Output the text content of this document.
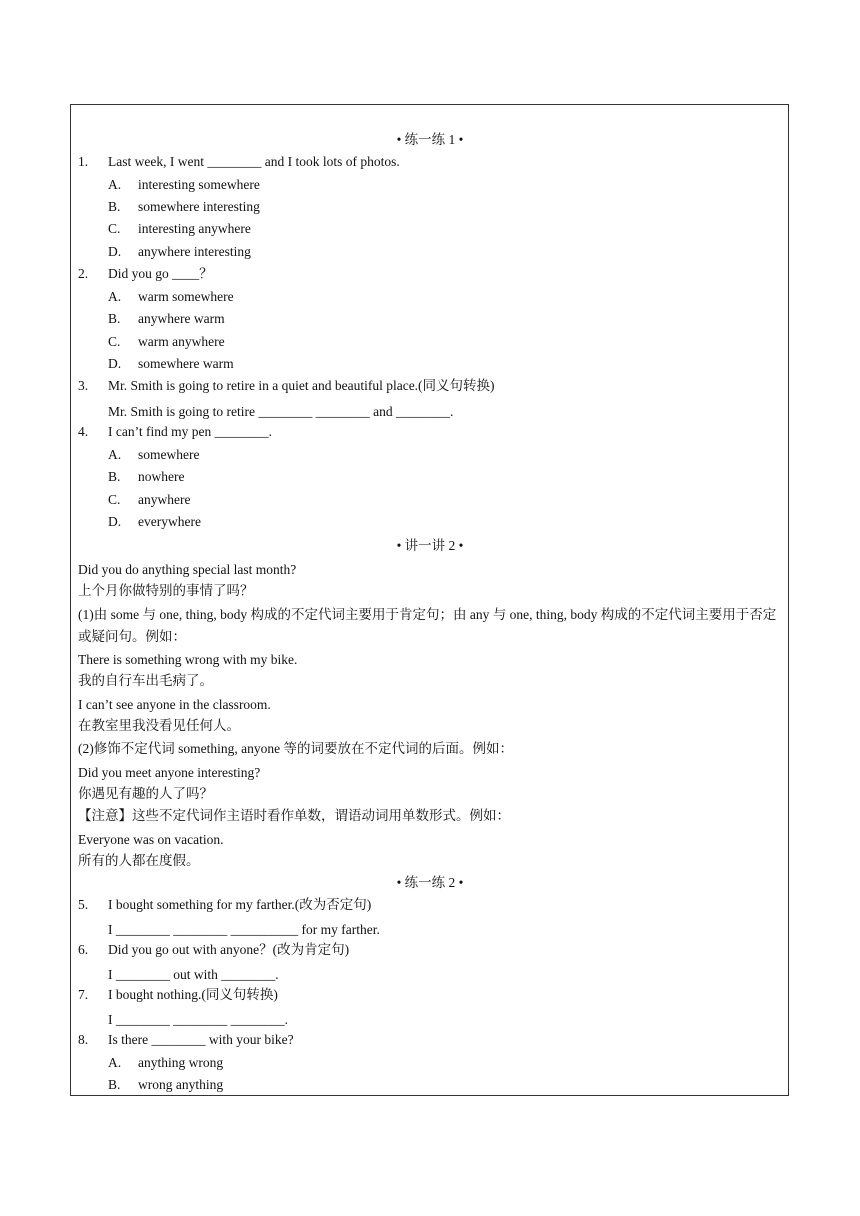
• 练一练 1 •
1. Last week, I went ________ and I took lots of photos.
A. interesting somewhere
B. somewhere interesting
C. interesting anywhere
D. anywhere interesting
2. Did you go ____？
A. warm somewhere
B. anywhere warm
C. warm anywhere
D. somewhere warm
3. Mr. Smith is going to retire in a quiet and beautiful place.(同义句转换)
Mr. Smith is going to retire ________ ________ and ________.
4. I can’t find my pen ________.
A. somewhere
B. nowhere
C. anywhere
D. everywhere
• 讲一讲 2 •
Did you do anything special last month?
上个月你做特别的事情了吗？
(1)由 some 与 one, thing, body 构成的不定代词主要用于肯定句；由 any 与 one, thing, body 构成的不定代词主要用于否定或疑问句。例如：
There is something wrong with my bike.
我的自行车出毛病了。
I can’t see anyone in the classroom.
在教室里我没看见任何人。
(2)修饰不定代词 something, anyone 等的词要放在不定代词的后面。例如：
Did you meet anyone interesting?
你遇见有趣的人了吗？
【注意】这些不定代词作主语时看作单数，谓语动词用单数形式。例如：
Everyone was on vacation.
所有的人都在度假。
• 练一练 2 •
5. I bought something for my farther.(改为否定句)
I ________ ________ __________ for my farther.
6. Did you go out with anyone？(改为肯定句)
I ________ out with ________.
7. I bought nothing.(同义句转换)
I ________ ________ ________.
8. Is there ________ with your bike?
A. anything wrong
B. wrong anything
